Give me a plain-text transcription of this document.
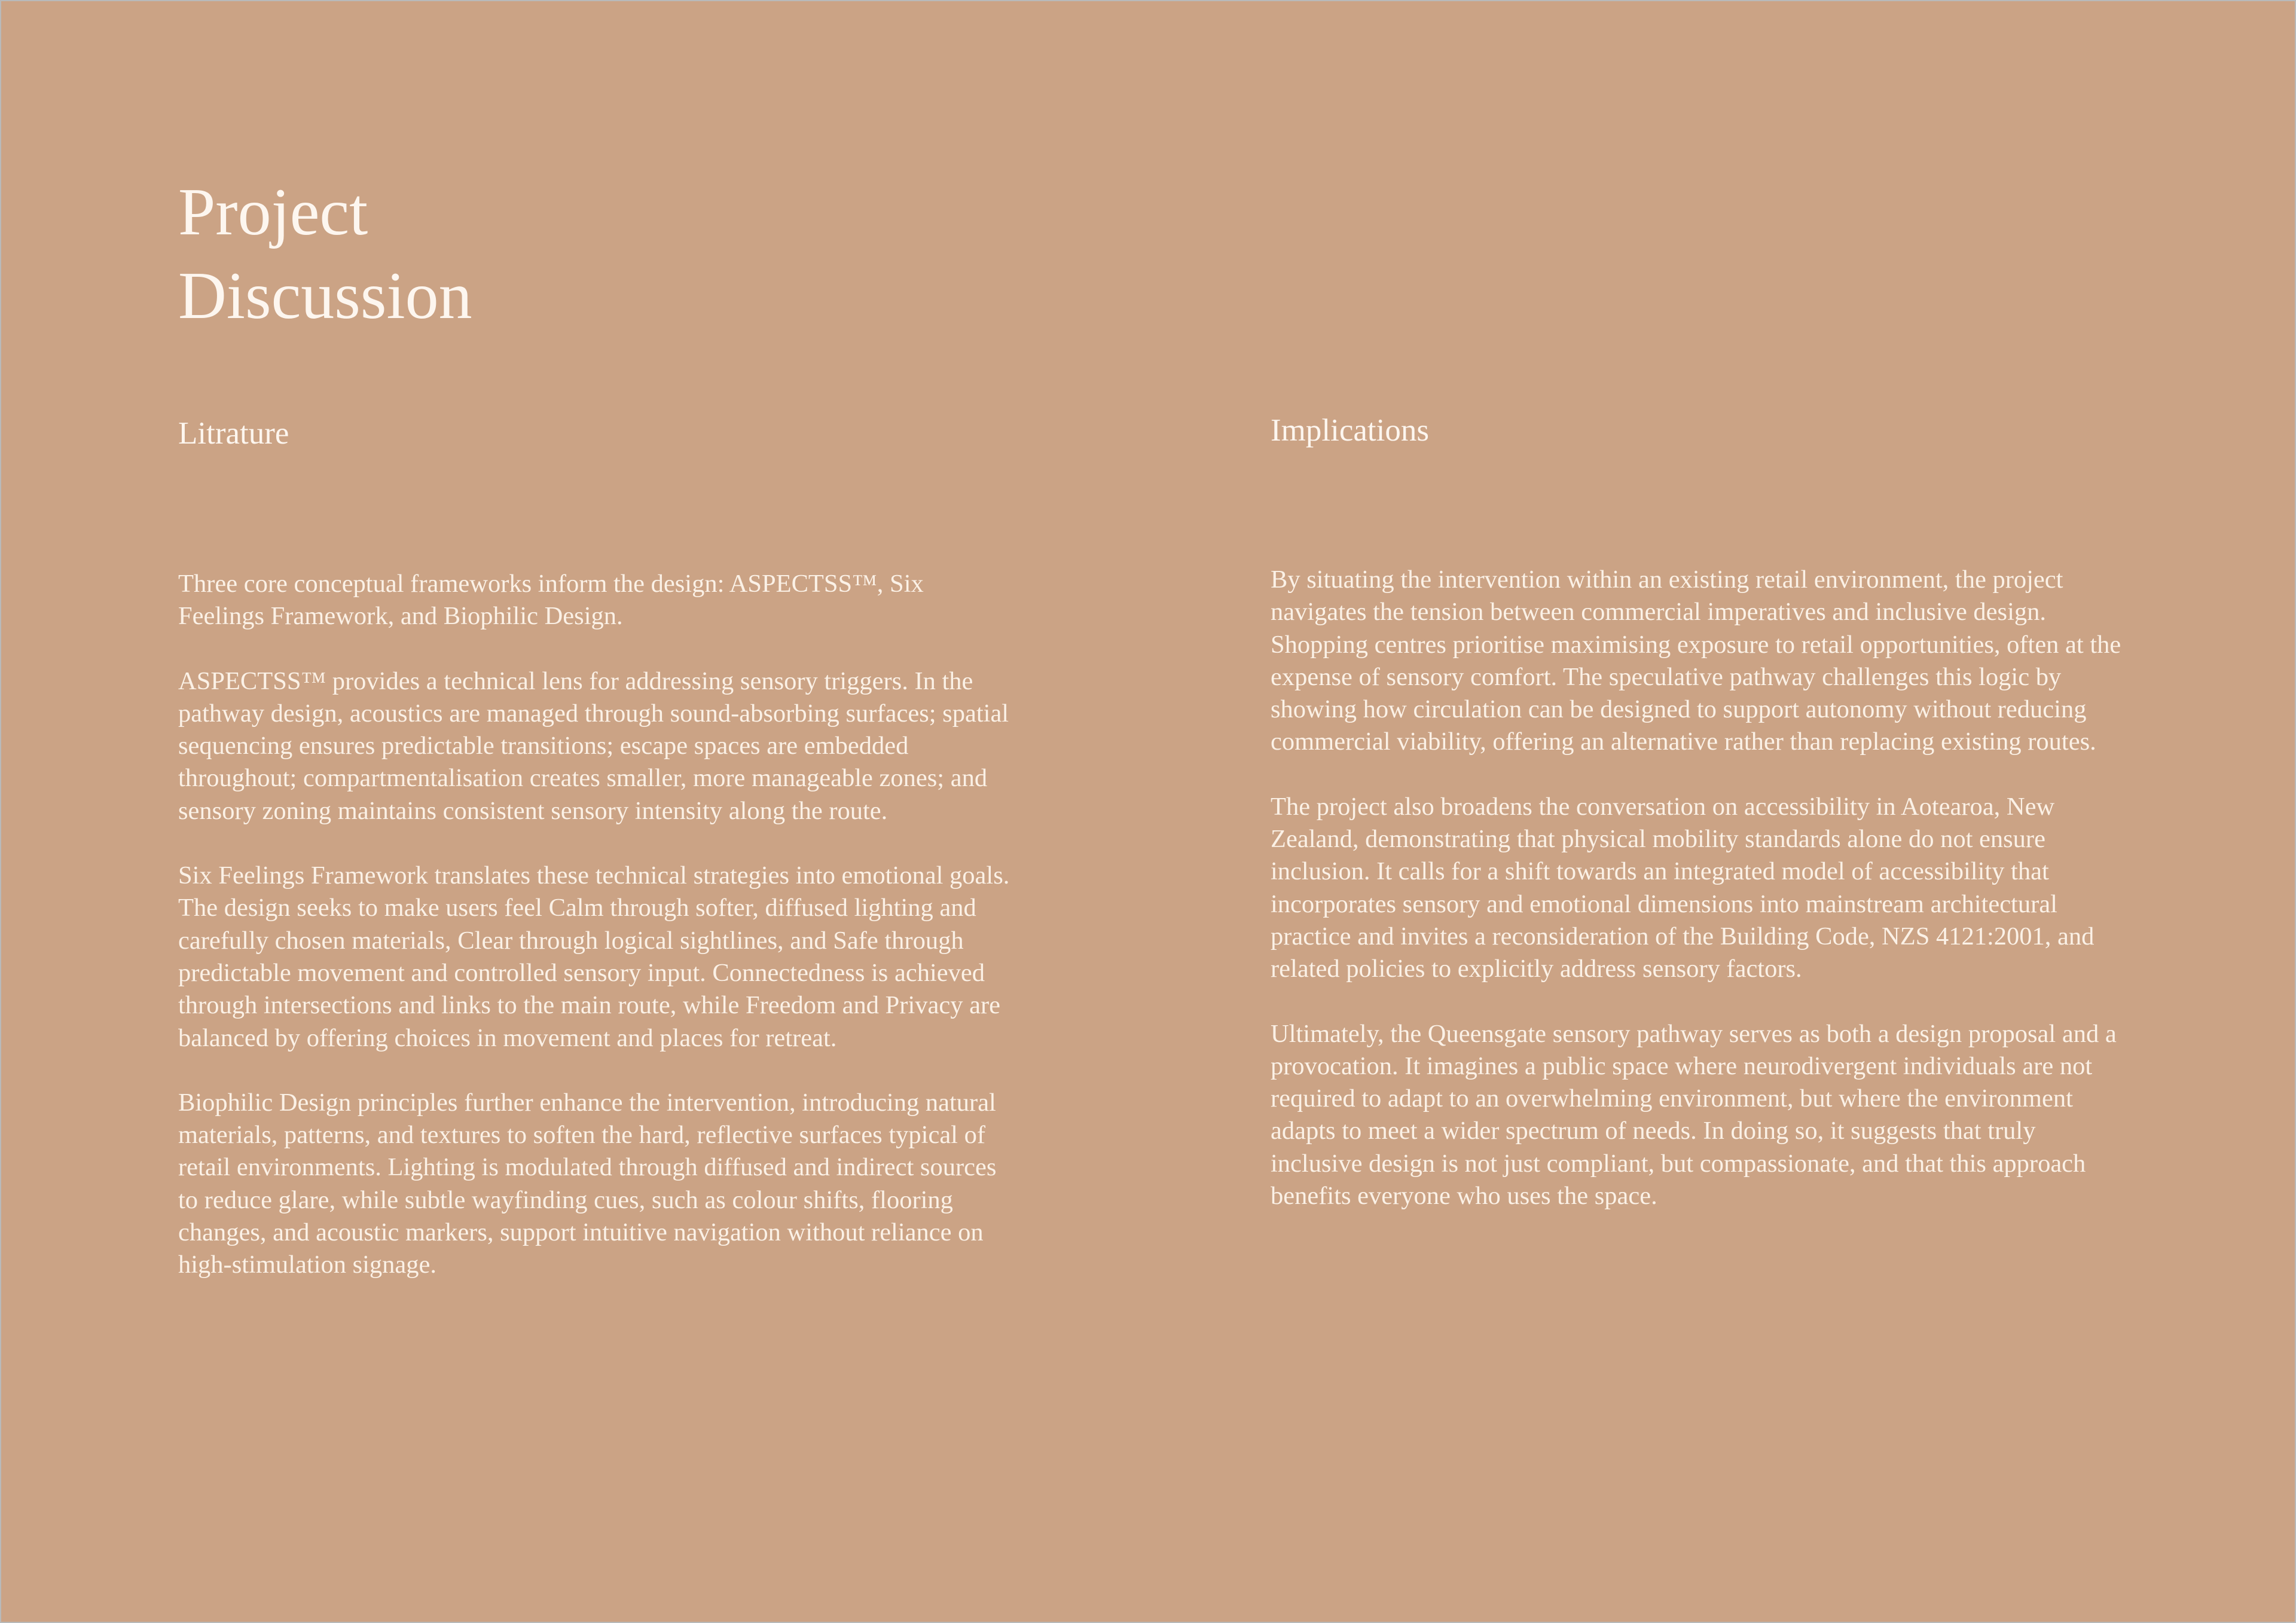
Project
Discussion
Litrature

Three core conceptual frameworks inform the design: ASPECTSS™, Six Feelings Framework, and Biophilic Design.

ASPECTSS™ provides a technical lens for addressing sensory triggers. In the pathway design, acoustics are managed through sound-absorbing surfaces; spatial sequencing ensures predictable transitions; escape spaces are embedded throughout; compartmentalisation creates smaller, more manageable zones; and sensory zoning maintains consistent sensory intensity along the route.

Six Feelings Framework translates these technical strategies into emotional goals. The design seeks to make users feel Calm through softer, diffused lighting and carefully chosen materials, Clear through logical sightlines, and Safe through predictable movement and controlled sensory input. Connectedness is achieved through intersections and links to the main route, while Freedom and Privacy are balanced by offering choices in movement and places for retreat.

Biophilic Design principles further enhance the intervention, introducing natural materials, patterns, and textures to soften the hard, reflective surfaces typical of retail environments. Lighting is modulated through diffused and indirect sources to reduce glare, while subtle wayfinding cues, such as colour shifts, flooring changes, and acoustic markers, support intuitive navigation without reliance on high-stimulation signage.

Implications

By situating the intervention within an existing retail environment, the project navigates the tension between commercial imperatives and inclusive design. Shopping centres prioritise maximising exposure to retail opportunities, often at the expense of sensory comfort. The speculative pathway challenges this logic by showing how circulation can be designed to support autonomy without reducing commercial viability, offering an alternative rather than replacing existing routes.

The project also broadens the conversation on accessibility in Aotearoa, New Zealand, demonstrating that physical mobility standards alone do not ensure inclusion. It calls for a shift towards an integrated model of accessibility that incorporates sensory and emotional dimensions into mainstream architectural practice and invites a reconsideration of the Building Code, NZS 4121:2001, and related policies to explicitly address sensory factors.

Ultimately, the Queensgate sensory pathway serves as both a design proposal and a provocation. It imagines a public space where neurodivergent individuals are not required to adapt to an overwhelming environment, but where the environment adapts to meet a wider spectrum of needs. In doing so, it suggests that truly inclusive design is not just compliant, but compassionate, and that this approach benefits everyone who uses the space.
